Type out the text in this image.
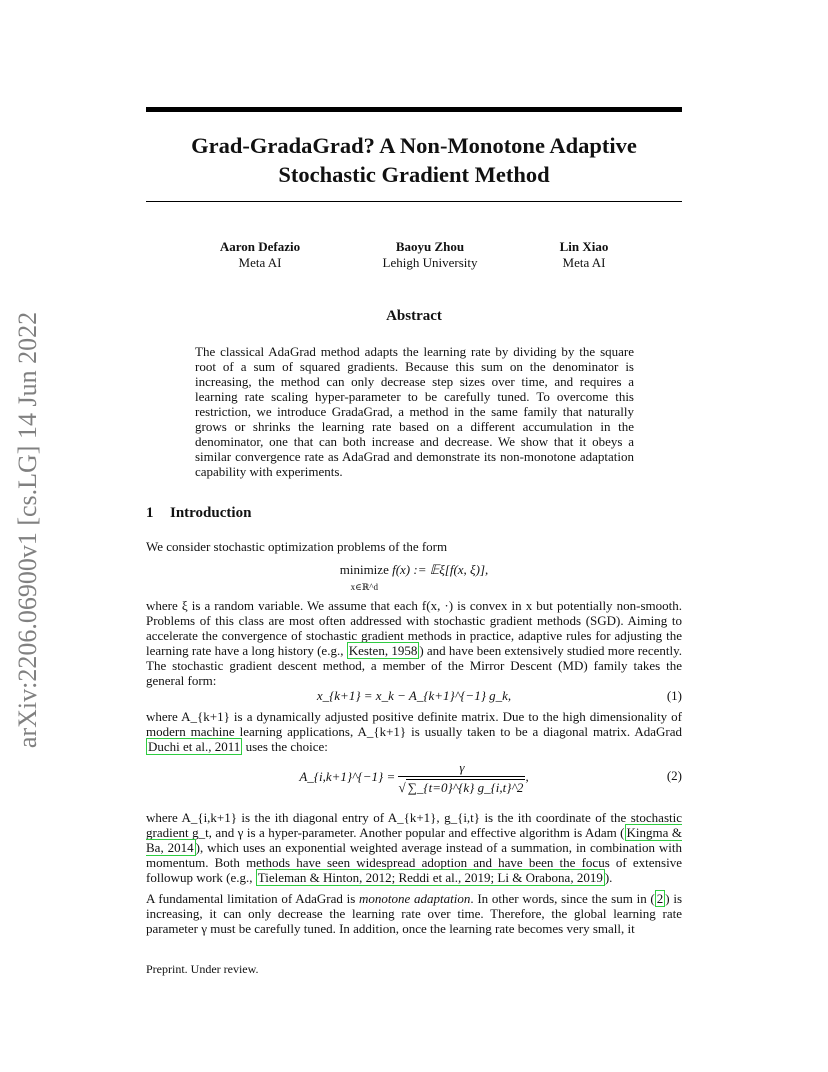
arXiv:2206.06900v1 [cs.LG] 14 Jun 2022
Grad-GradaGrad? A Non-Monotone Adaptive
Stochastic Gradient Method
Aaron Defazio
Meta AI
Baoyu Zhou
Lehigh University
Lin Xiao
Meta AI
Abstract
The classical AdaGrad method adapts the learning rate by dividing by the square root of a sum of squared gradients. Because this sum on the denominator is increasing, the method can only decrease step sizes over time, and requires a learning rate scaling hyper-parameter to be carefully tuned. To overcome this restriction, we introduce GradaGrad, a method in the same family that naturally grows or shrinks the learning rate based on a different accumulation in the denominator, one that can both increase and decrease. We show that it obeys a similar convergence rate as AdaGrad and demonstrate its non-monotone adaptation capability with experiments.
1 Introduction
We consider stochastic optimization problems of the form
minimize
x∈ℝ^d f(x) := 𝔼ξ[f(x, ξ)],
where ξ is a random variable. We assume that each f(x, ·) is convex in x but potentially non-smooth. Problems of this class are most often addressed with stochastic gradient methods (SGD). Aiming to accelerate the convergence of stochastic gradient methods in practice, adaptive rules for adjusting the learning rate have a long history (e.g., Kesten, 1958 ) and have been extensively studied more recently. The stochastic gradient descent method, a member of the Mirror Descent (MD) family takes the general form:
x_{k+1} = x_k − A_{k+1}^{−1} g_k,	(1)
where A_{k+1} is a dynamically adjusted positive definite matrix. Due to the high dimensionality of modern machine learning applications, A_{k+1} is usually taken to be a diagonal matrix. AdaGrad Duchi et al., 2011 uses the choice:
A_{i,k+1}^{−1} = $\frac{\gamma}{√ \sum\_\{t=0\}\^{}\{k\} g\_\{i,t\}\^{}2}$ ,	(2)
where A_{i,k+1} is the ith diagonal entry of A_{k+1}, g_{i,t} is the ith coordinate of the stochastic gradient g_t, and γ is a hyper-parameter. Another popular and effective algorithm is Adam ( Kingma & Ba, 2014 ), which uses an exponential weighted average instead of a summation, in combination with momentum. Both methods have seen widespread adoption and have been the focus of extensive followup work (e.g., Tieleman & Hinton, 2012; Reddi et al., 2019; Li & Orabona, 2019 ).
A fundamental limitation of AdaGrad is monotone adaptation. In other words, since the sum in ( 2 ) is increasing, it can only decrease the learning rate over time. Therefore, the global learning rate parameter γ must be carefully tuned. In addition, once the learning rate becomes very small, it
Preprint. Under review.
